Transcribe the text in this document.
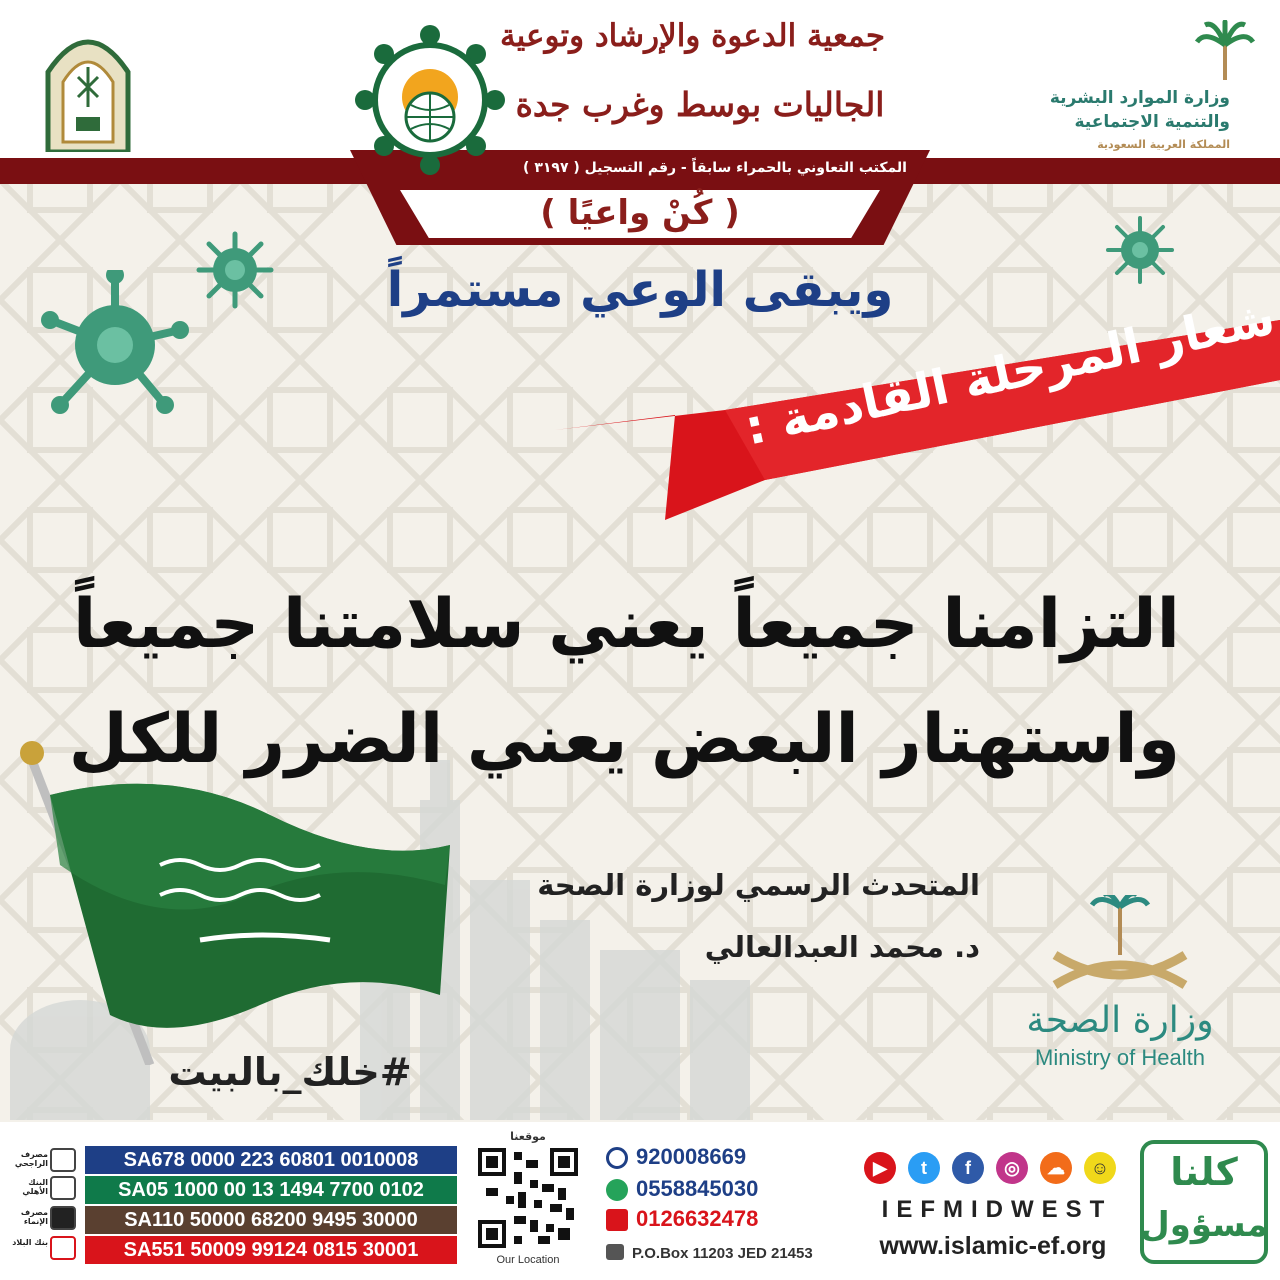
جمعية الدعوة والإرشاد وتوعية
الجاليات بوسط وغرب جدة
المكتب التعاوني بالحمراء سابقاً - رقم التسجيل ( ٣١٩٧ )
وزارة الموارد البشرية
والتنمية الاجتماعية
المملكة العربية السعودية
( كُنْ واعيًا )
ويبقى الوعي مستمراً
شعار المرحلة القادمة :
التزامنا جميعاً يعني سلامتنا جميعاً
واستهتار البعض يعني الضرر للكل
المتحدث الرسمي لوزارة الصحة
د. محمد العبدالعالي
#خلك_بالبيت
وزارة الصحة
Ministry of Health
مصرف الراجحي	SA678 0000 223 60801 0010008
البنك الأهلي	SA05 1000 00 13 1494 7700 0102
مصرف الإنماء	SA110 50000 68200 9495 30000
بنك البلاد	SA551 50009 99124 0815 30001
موقعنا
Our Location
920008669
0558845030
0126632478
P.O.Box 11203 JED 21453
▶	t	f	◎	☁	☺
IEFMIDWEST
www.islamic-ef.org
كلنا
مسؤول
